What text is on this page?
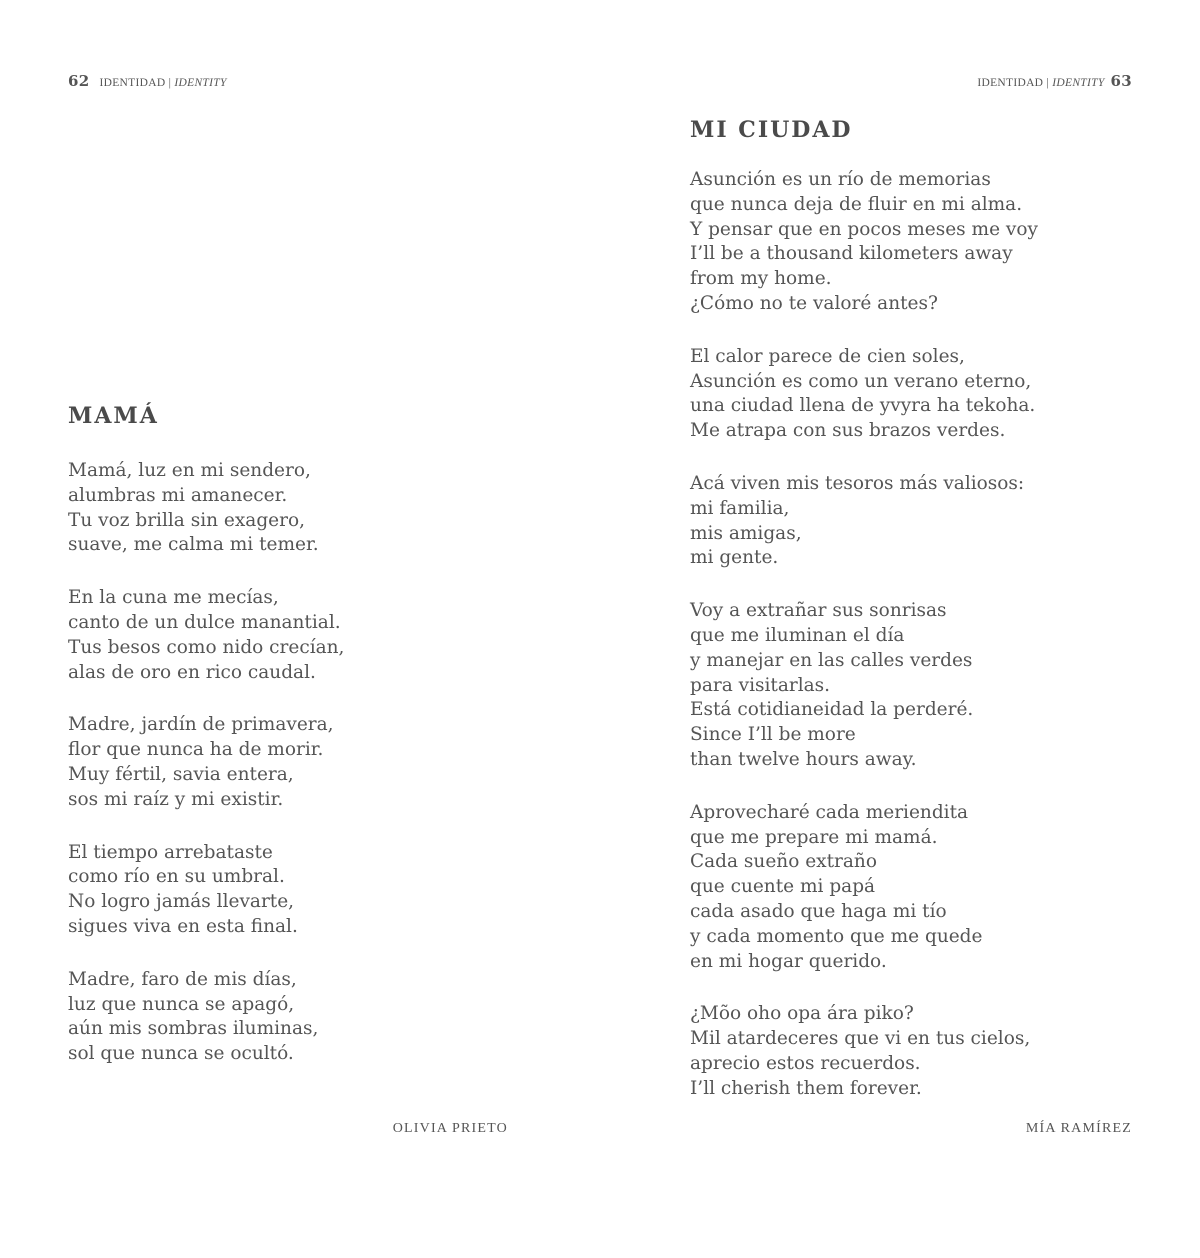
62 IDENTIDAD | IDENTITY
MAMÁ
Mamá, luz en mi sendero,
alumbras mi amanecer.
Tu voz brilla sin exagero,
suave, me calma mi temer.
En la cuna me mecías,
canto de un dulce manantial.
Tus besos como nido crecían,
alas de oro en rico caudal.
Madre, jardín de primavera,
flor que nunca ha de morir.
Muy fértil, savia entera,
sos mi raíz y mi existir.
El tiempo arrebataste
como río en su umbral.
No logro jamás llevarte,
sigues viva en esta final.
Madre, faro de mis días,
luz que nunca se apagó,
aún mis sombras iluminas,
sol que nunca se ocultó.
OLIVIA PRIETO
IDENTIDAD | IDENTITY 63
MI CIUDAD
Asunción es un río de memorias
que nunca deja de fluir en mi alma.
Y pensar que en pocos meses me voy
I’ll be a thousand kilometers away
from my home.
¿Cómo no te valoré antes?
El calor parece de cien soles,
Asunción es como un verano eterno,
una ciudad llena de yvyra ha tekoha.
Me atrapa con sus brazos verdes.
Acá viven mis tesoros más valiosos:
mi familia,
mis amigas,
mi gente.
Voy a extrañar sus sonrisas
que me iluminan el día
y manejar en las calles verdes
para visitarlas.
Está cotidianeidad la perderé.
Since I’ll be more
than twelve hours away.
Aprovecharé cada meriendita
que me prepare mi mamá.
Cada sueño extraño
que cuente mi papá
cada asado que haga mi tío
y cada momento que me quede
en mi hogar querido.
¿Mõo oho opa ára piko?
Mil atardeceres que vi en tus cielos,
aprecio estos recuerdos.
I’ll cherish them forever.
MÍA RAMÍREZ
